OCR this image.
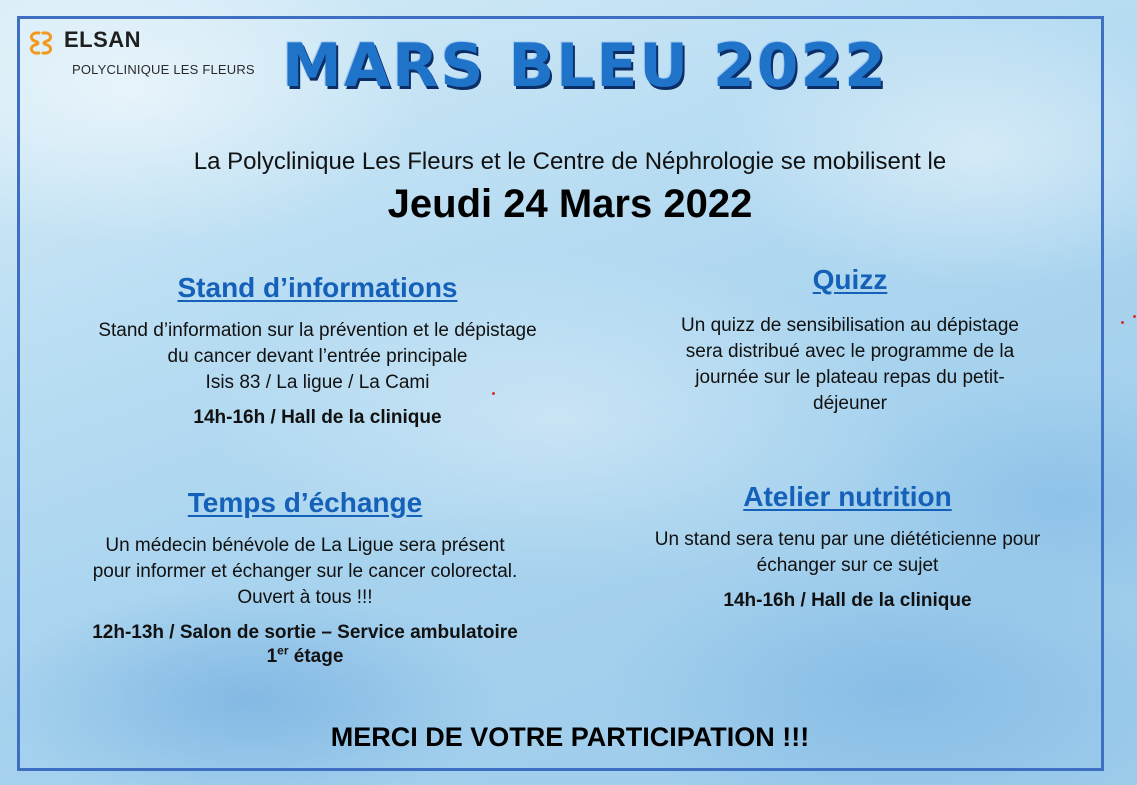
ELSAN
POLYCLINIQUE LES FLEURS MARS BLEU 2022
La Polyclinique Les Fleurs et le Centre de Néphrologie se mobilisent le
Jeudi 24 Mars 2022
Stand d’informations
Stand d’information sur la prévention et le dépistage
du cancer devant l’entrée principale
Isis 83 / La ligue / La Cami
14h-16h / Hall de la clinique
Quizz
Un quizz de sensibilisation au dépistage
sera distribué avec le programme de la
journée sur le plateau repas du petit-
déjeuner
Temps d’échange
Un médecin bénévole de La Ligue sera présent
pour informer et échanger sur le cancer colorectal.
Ouvert à tous !!!
12h-13h / Salon de sortie – Service ambulatoire
1er étage
Atelier nutrition
Un stand sera tenu par une diététicienne pour
échanger sur ce sujet
14h-16h / Hall de la clinique
MERCI DE VOTRE PARTICIPATION !!!
